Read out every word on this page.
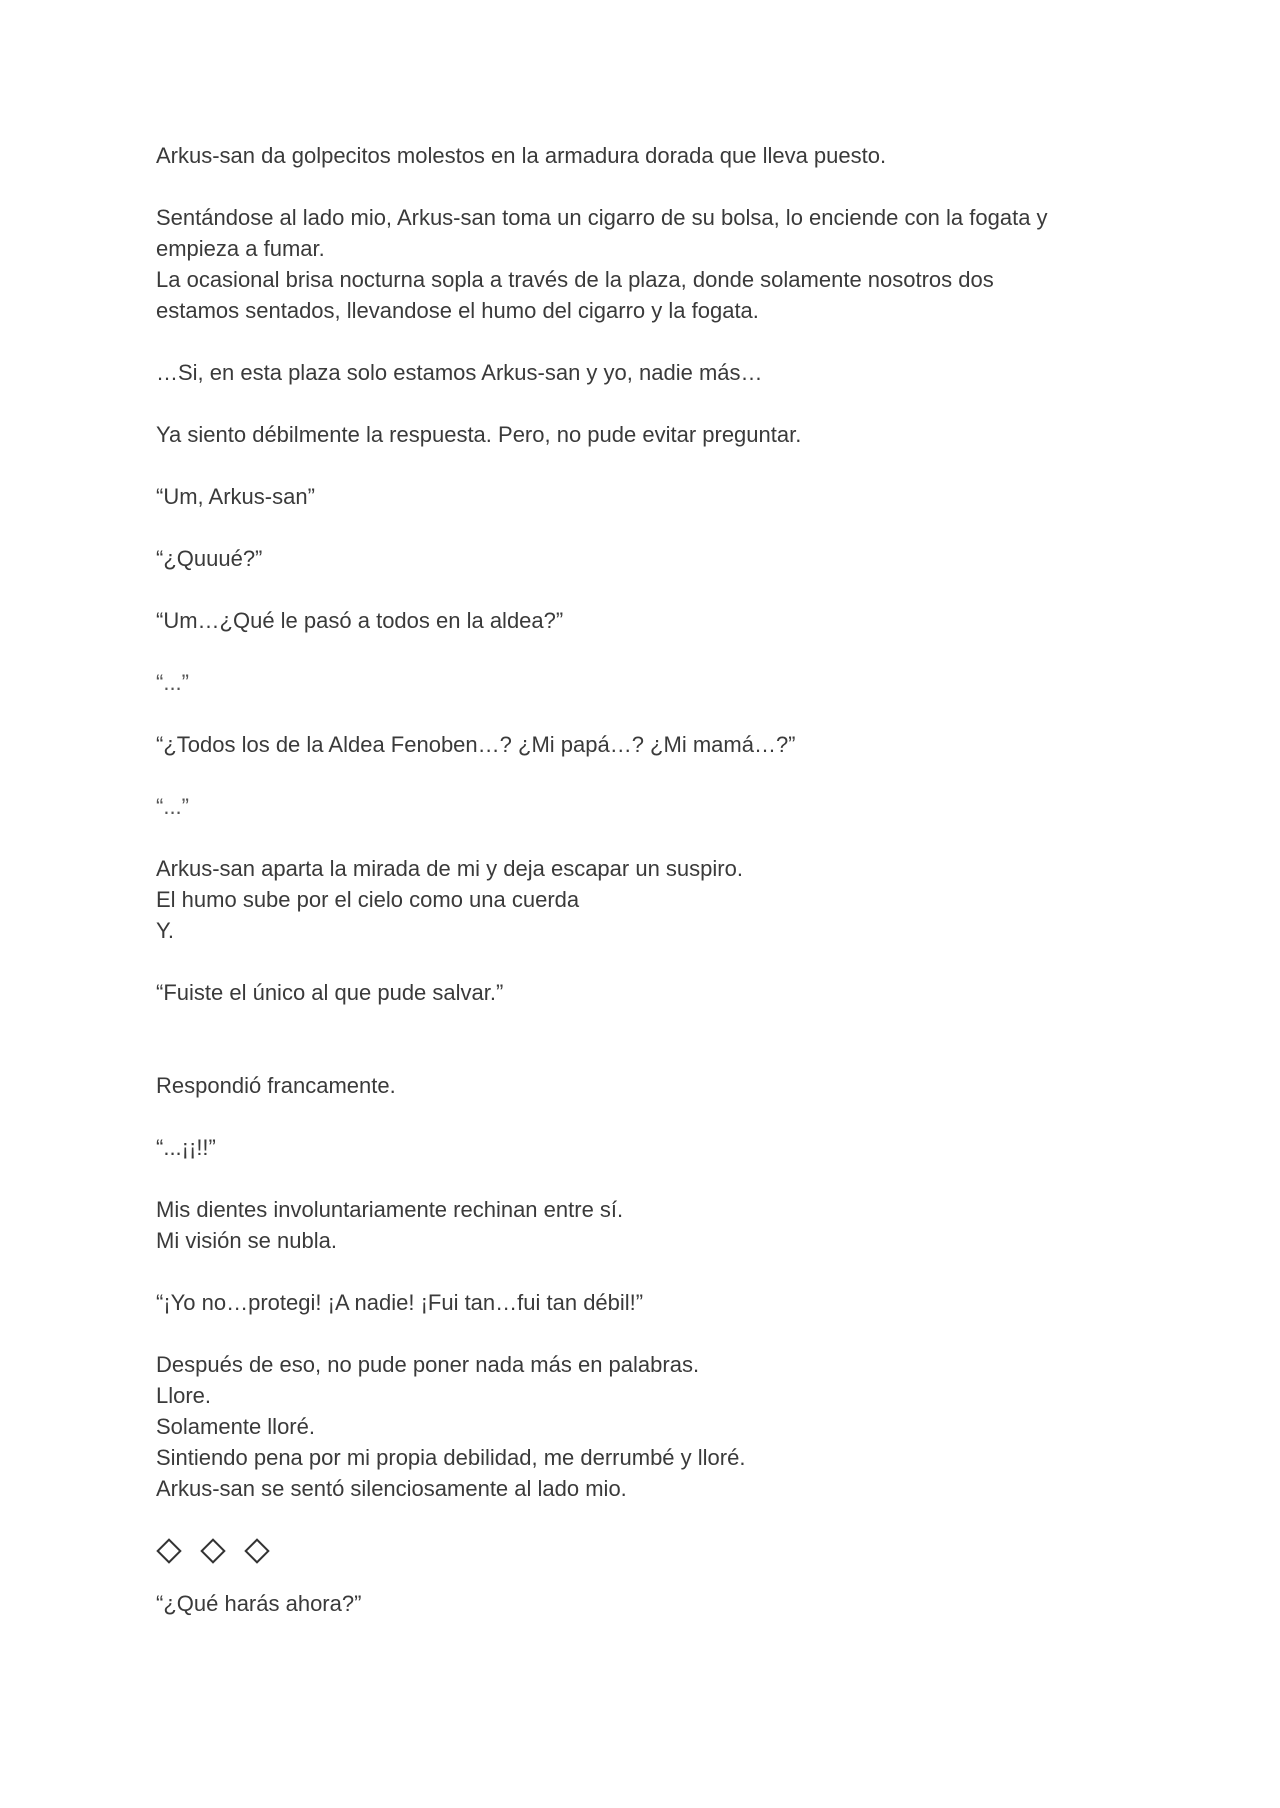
Arkus-san da golpecitos molestos en la armadura dorada que lleva puesto.

Sentándose al lado mio, Arkus-san toma un cigarro de su bolsa, lo enciende con la fogata y
empieza a fumar.
La ocasional brisa nocturna sopla a través de la plaza, donde solamente nosotros dos
estamos sentados, llevandose el humo del cigarro y la fogata.

…Si, en esta plaza solo estamos Arkus-san y yo, nadie más…

Ya siento débilmente la respuesta. Pero, no pude evitar preguntar.

“Um, Arkus-san”

“¿Quuué?”

“Um…¿Qué le pasó a todos en la aldea?”

“...”

“¿Todos los de la Aldea Fenoben…? ¿Mi papá…? ¿Mi mamá…?”

“...”

Arkus-san aparta la mirada de mi y deja escapar un suspiro.
El humo sube por el cielo como una cuerda
Y.

“Fuiste el único al que pude salvar.”

Respondió francamente.

“...¡¡!!”

Mis dientes involuntariamente rechinan entre sí.
Mi visión se nubla.

“¡Yo no…protegi! ¡A nadie! ¡Fui tan…fui tan débil!”

Después de eso, no pude poner nada más en palabras.
Llore.
Solamente lloré.
Sintiendo pena por mi propia debilidad, me derrumbé y lloré.
Arkus-san se sentó silenciosamente al lado mio.

“¿Qué harás ahora?”
